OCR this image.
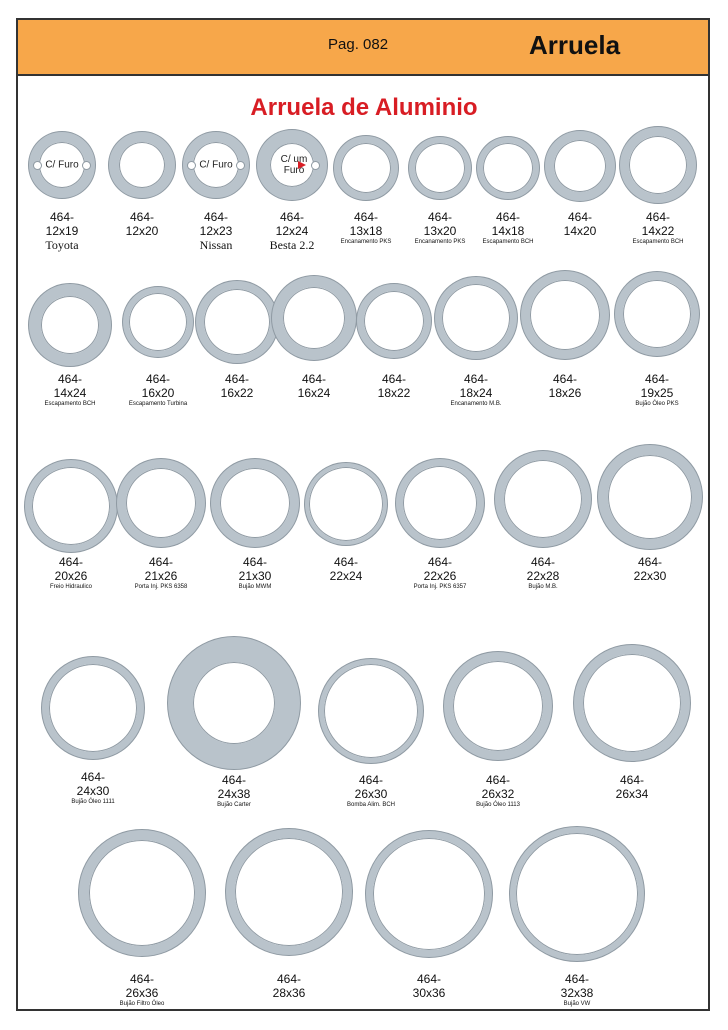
Pag. 082	Arruela
Arruela de Aluminio
C/ Furo
464-
12x19
Toyota
464-
12x20
C/ Furo
464-
12x23
Nissan
C/ um Furo
464-
12x24
Besta 2.2
464-
13x18
Encanamento PKS
464-
13x20
Encanamento PKS
464-
14x18
Escapamento BCH
464-
14x20
464-
14x22
Escapamento BCH
464-
14x24
Escapamento BCH
464-
16x20
Escapamento Turbina
464-
16x22
464-
16x24
464-
18x22
464-
18x24
Encanamento M.B.
464-
18x26
464-
19x25
Bujão Óleo PKS
464-
20x26
Freio Hidraulico
464-
21x26
Porta Inj. PKS 6358
464-
21x30
Bujão MWM
464-
22x24
464-
22x26
Porta Inj. PKS 6357
464-
22x28
Bujão M.B.
464-
22x30
464-
24x30
Bujão Óleo 1111
464-
24x38
Bujão Carter
464-
26x30
Bomba Alim. BCH
464-
26x32
Bujão Óleo 1113
464-
26x34
464-
26x36
Bujão Filtro Óleo
464-
28x36
464-
30x36
464-
32x38
Bujão VW
